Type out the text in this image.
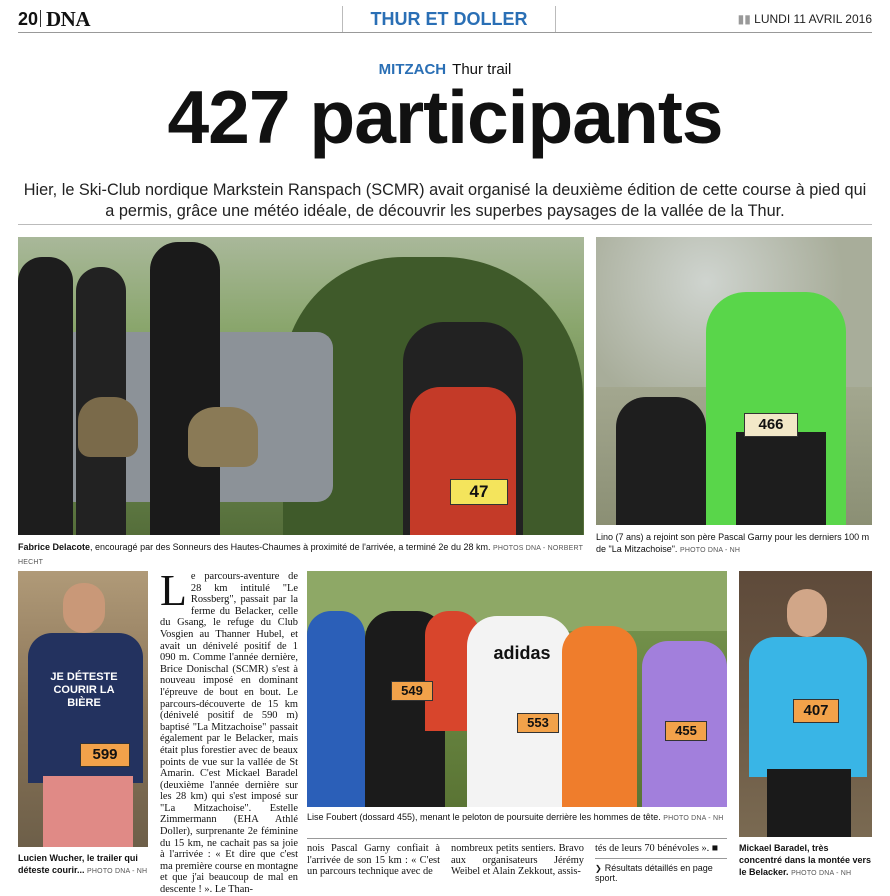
20 DNA	THUR ET DOLLER	▮▮ LUNDI 11 AVRIL 2016
MITZACH Thur trail
427 participants
Hier, le Ski-Club nordique Markstein Ranspach (SCMR) avait organisé la deuxième édition de cette course à pied qui a permis, grâce une météo idéale, de découvrir les superbes paysages de la vallée de la Thur.
47
Fabrice Delacote, encouragé par des Sonneurs des Hautes-Chaumes à proximité de l'arrivée, a terminé 2e du 28 km. PHOTOS DNA - NORBERT HECHT
466
Lino (7 ans) a rejoint son père Pascal Garny pour les derniers 100 m de "La Mitzachoise". PHOTO DNA - NH
JE DÉTESTE COURIR LA BIÈRE
599
Lucien Wucher, le trailer qui déteste courir... PHOTO DNA - NH
Le parcours-aventure de 28 km intitulé "Le Rossberg", passait par la ferme du Belacker, celle du Gsang, le refuge du Club Vosgien au Thanner Hubel, et avait un dénivelé positif de 1 090 m. Comme l'année dernière, Brice Donischal (SCMR) s'est à nouveau imposé en dominant l'épreuve de bout en bout. Le parcours-découverte de 15 km (dénivelé positif de 590 m) baptisé "La Mitzachoise" passait également par le Belacker, mais était plus forestier avec de beaux points de vue sur la vallée de St Amarin. C'est Mickael Baradel (deuxième l'année dernière sur les 28 km) qui s'est imposé sur "La Mitzachoise". Estelle Zimmermann (EHA Athlé Doller), surprenante 2e féminine du 15 km, ne cachait pas sa joie à l'arrivée : « Et dire que c'est ma première course en montagne et que j'ai beaucoup de mal en descente ! ». Le Than-
adidas
549
553
455
Lise Foubert (dossard 455), menant le peloton de poursuite derrière les hommes de tête. PHOTO DNA - NH
nois Pascal Garny confiait à l'arrivée de son 15 km : « C'est un parcours technique avec de
nombreux petits sentiers. Bravo aux organisateurs Jérémy Weibel et Alain Zekkout, assis-
tés de leurs 70 bénévoles ». ■
❯ Résultats détaillés en page sport.
407
Mickael Baradel, très concentré dans la montée vers le Belacker. PHOTO DNA - NH
